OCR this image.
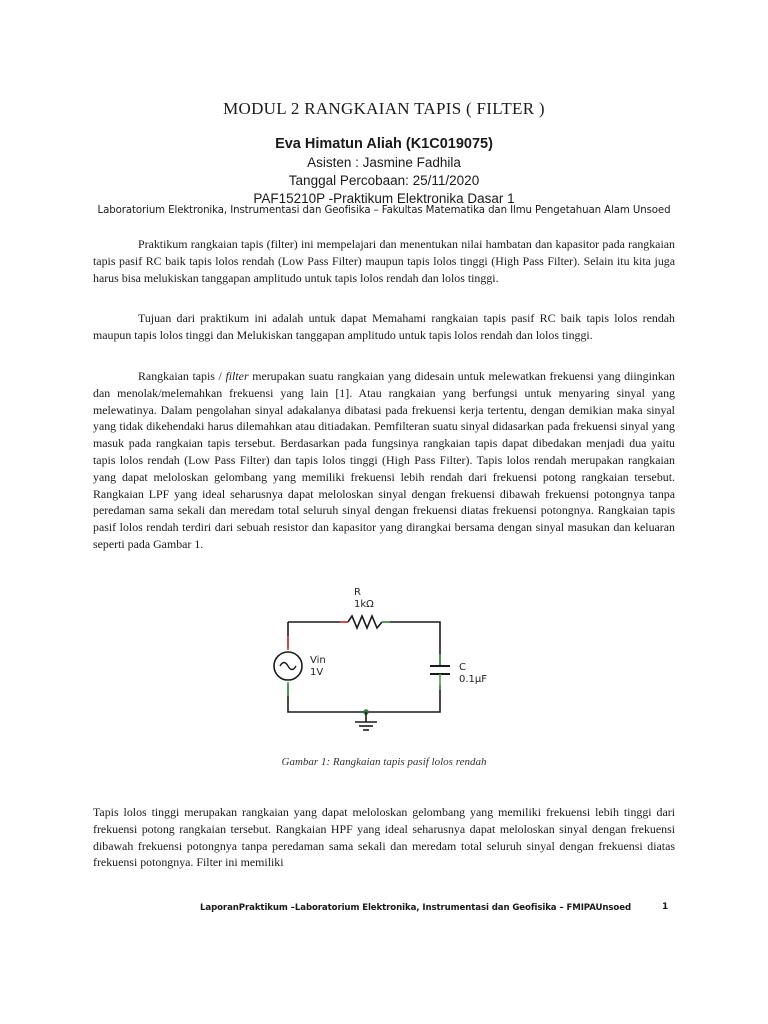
MODUL 2 RANGKAIAN TAPIS ( FILTER )
Eva Himatun Aliah (K1C019075)
Asisten : Jasmine Fadhila
Tanggal Percobaan: 25/11/2020
PAF15210P -Praktikum Elektronika Dasar 1
Laboratorium Elektronika, Instrumentasi dan Geofisika – Fakultas Matematika dan Ilmu Pengetahuan Alam Unsoed

Praktikum rangkaian tapis (filter) ini mempelajari dan menentukan nilai hambatan dan kapasitor pada rangkaian tapis pasif RC baik tapis lolos rendah (Low Pass Filter) maupun tapis lolos tinggi (High Pass Filter). Selain itu kita juga harus bisa melukiskan tanggapan amplitudo untuk tapis lolos rendah dan lolos tinggi.

Tujuan dari praktikum ini adalah untuk dapat Memahami rangkaian tapis pasif RC baik tapis lolos rendah maupun tapis lolos tinggi dan Melukiskan tanggapan amplitudo untuk tapis lolos rendah dan lolos tinggi.

Rangkaian tapis / filter merupakan suatu rangkaian yang didesain untuk melewatkan frekuensi yang diinginkan dan menolak/melemahkan frekuensi yang lain [1]. Atau rangkaian yang berfungsi untuk menyaring sinyal yang melewatinya. Dalam pengolahan sinyal adakalanya dibatasi pada frekuensi kerja tertentu, dengan demikian maka sinyal yang tidak dikehendaki harus dilemahkan atau ditiadakan. Pemfilteran suatu sinyal didasarkan pada frekuensi sinyal yang masuk pada rangkaian tapis tersebut. Berdasarkan pada fungsinya rangkaian tapis dapat dibedakan menjadi dua yaitu tapis lolos rendah (Low Pass Filter) dan tapis lolos tinggi (High Pass Filter). Tapis lolos rendah merupakan rangkaian yang dapat meloloskan gelombang yang memiliki frekuensi lebih rendah dari frekuensi potong rangkaian tersebut. Rangkaian LPF yang ideal seharusnya dapat meloloskan sinyal dengan frekuensi dibawah frekuensi potongnya tanpa peredaman sama sekali dan meredam total seluruh sinyal dengan frekuensi diatas frekuensi potongnya. Rangkaian tapis pasif lolos rendah terdiri dari sebuah resistor dan kapasitor yang dirangkai bersama dengan sinyal masukan dan keluaran seperti pada Gambar 1.

R
1kΩ
Vin
1V	C
0.1μF
Gambar 1: Rangkaian tapis pasif lolos rendah

Tapis lolos tinggi merupakan rangkaian yang dapat meloloskan gelombang yang memiliki frekuensi lebih tinggi dari frekuensi potong rangkaian tersebut. Rangkaian HPF yang ideal seharusnya dapat meloloskan sinyal dengan frekuensi dibawah frekuensi potongnya tanpa peredaman sama sekali dan meredam total seluruh sinyal dengan frekuensi diatas frekuensi potongnya. Filter ini memiliki

LaporanPraktikum –Laboratorium Elektronika, Instrumentasi dan Geofisika – FMIPAUnsoed	1
